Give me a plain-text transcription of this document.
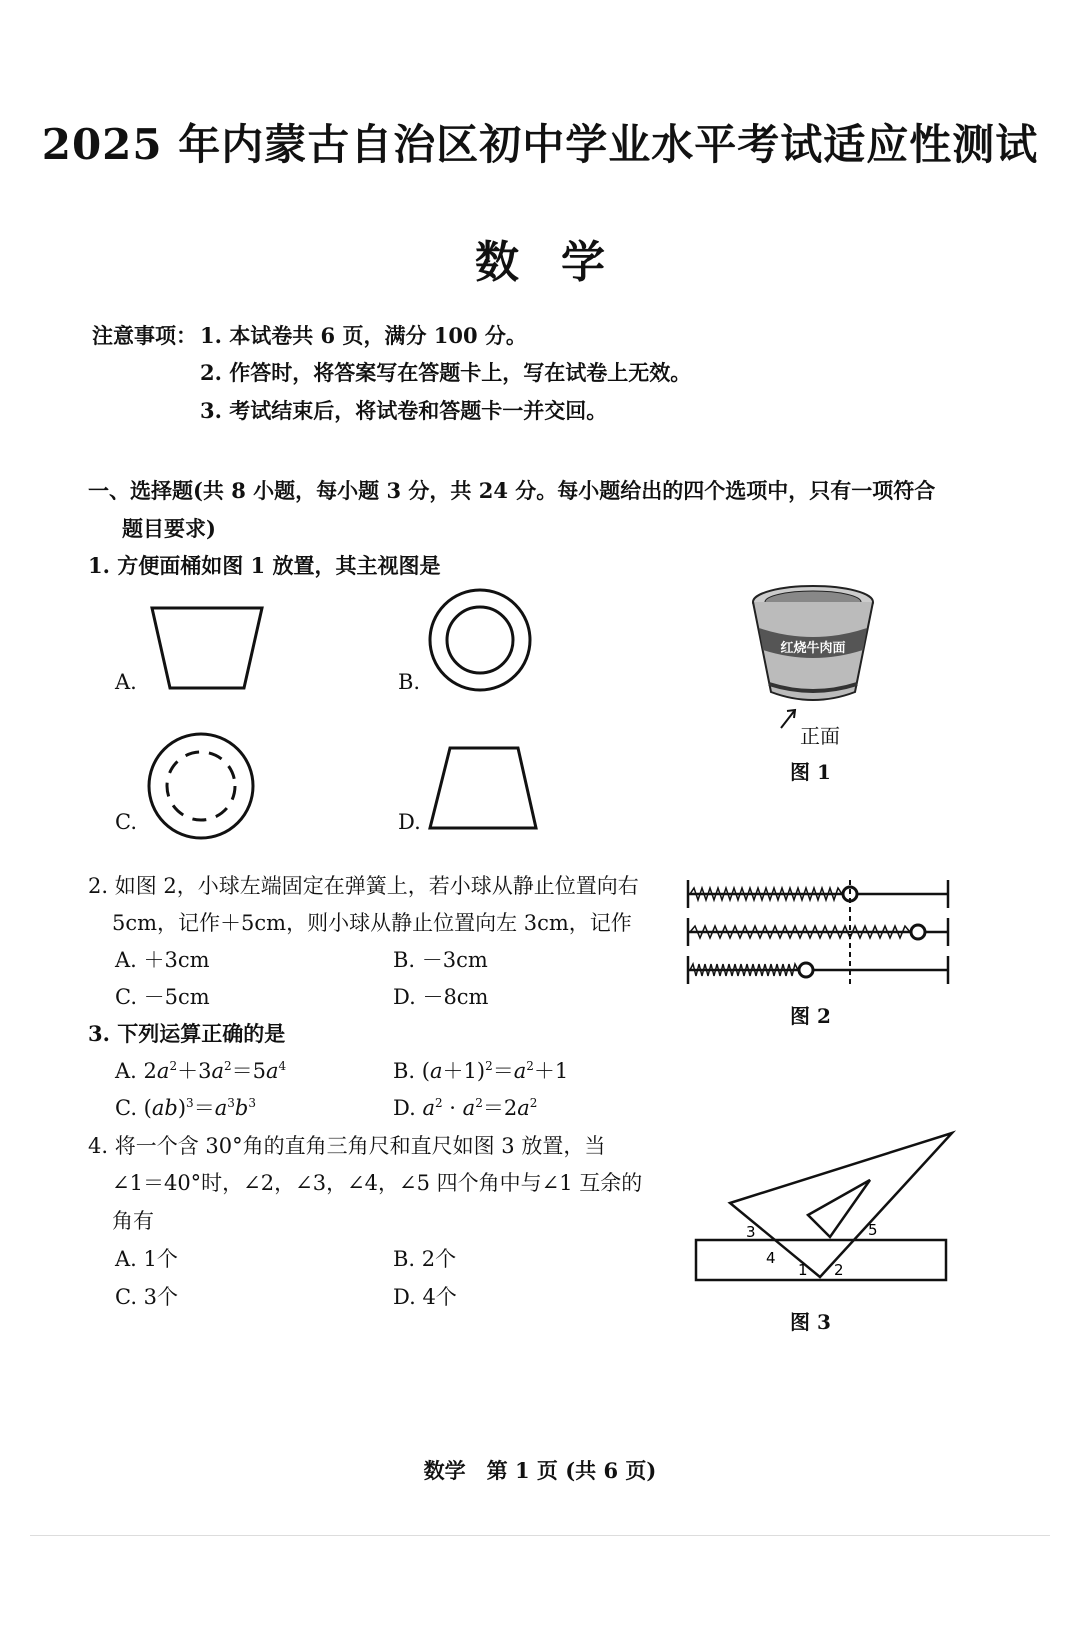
2025 年内蒙古自治区初中学业水平考试适应性测试
数学
注意事项： 1. 本试卷共 6 页，满分 100 分。
2. 作答时，将答案写在答题卡上，写在试卷上无效。
3. 考试结束后，将试卷和答题卡一并交回。
一、选择题(共 8 小题，每小题 3 分，共 24 分。每小题给出的四个选项中，只有一项符合
题目要求)
1. 方便面桶如图 1 放置，其主视图是
A.	B.
C.	D.
红烧牛肉面
正面
图 1
2. 如图 2，小球左端固定在弹簧上，若小球从静止位置向右
5cm，记作＋5cm，则小球从静止位置向左 3cm，记作
A. ＋3cm	B. －3cm
C. －5cm	D. －8cm
图 2
3. 下列运算正确的是
A. $2a^2+3a^2=5a^4$	B. $(a+1)^2=a^2+1$
C. $(ab)^3=a^3b^3$	D. $a^2 \cdot a^2=2a^2$
4. 将一个含 30°角的直角三角尺和直尺如图 3 放置，当
∠1＝40°时，∠2，∠3，∠4，∠5 四个角中与∠1 互余的
角有
A. 1个	B. 2个
C. 3个	D. 4个
3
4
1 2
5
图 3
数学　第 1 页 (共 6 页)
